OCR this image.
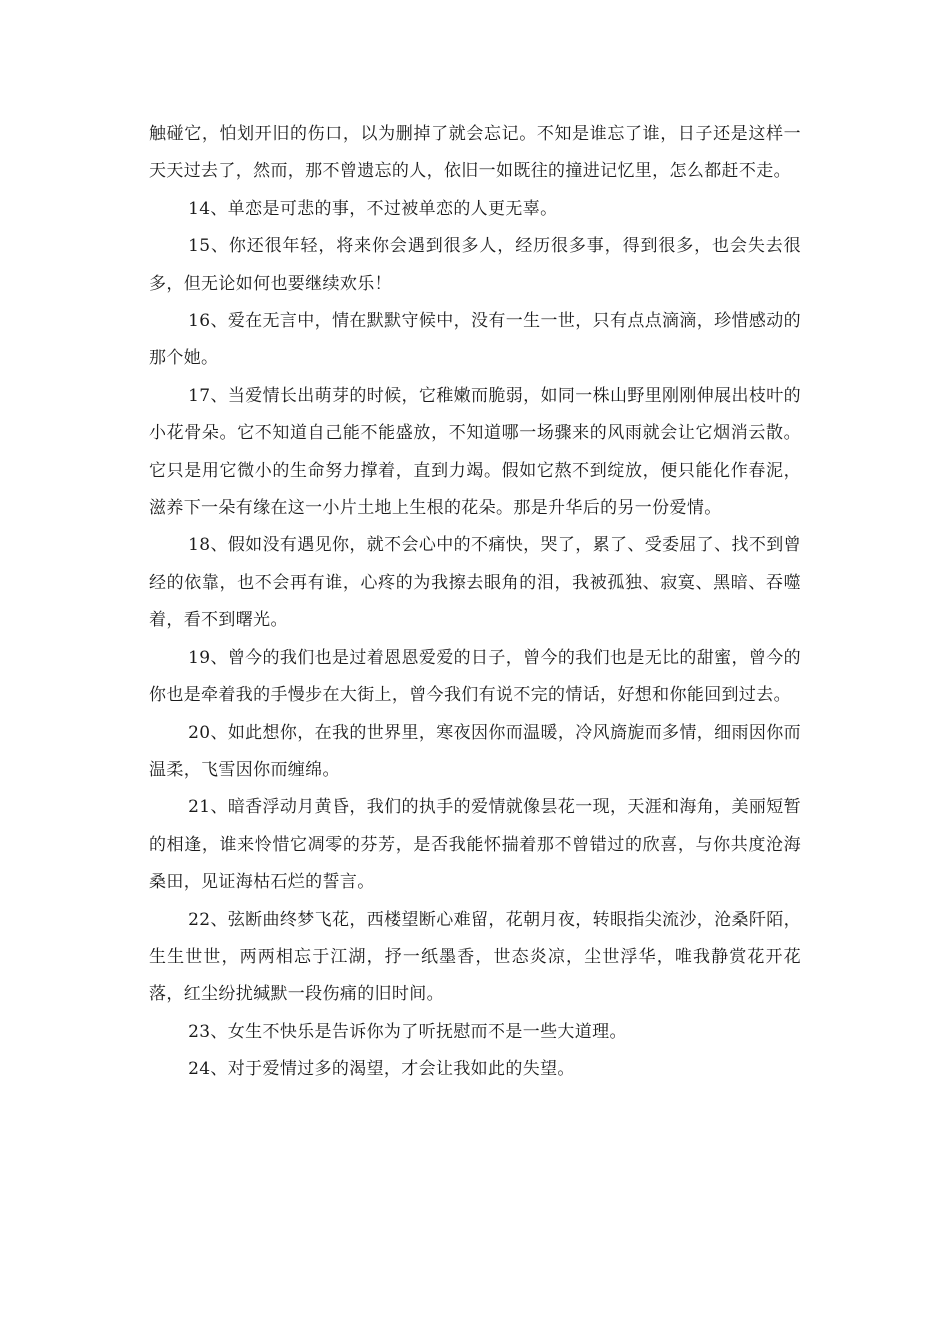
触碰它，怕划开旧的伤口，以为删掉了就会忘记。不知是谁忘了谁，日子还是这样一天天过去了，然而，那不曾遗忘的人，依旧一如既往的撞进记忆里，怎么都赶不走。

14、单恋是可悲的事，不过被单恋的人更无辜。

15、你还很年轻，将来你会遇到很多人，经历很多事，得到很多，也会失去很多，但无论如何也要继续欢乐！

16、爱在无言中，情在默默守候中，没有一生一世，只有点点滴滴，珍惜感动的那个她。

17、当爱情长出萌芽的时候，它稚嫩而脆弱，如同一株山野里刚刚伸展出枝叶的小花骨朵。它不知道自己能不能盛放，不知道哪一场骤来的风雨就会让它烟消云散。它只是用它微小的生命努力撑着，直到力竭。假如它熬不到绽放，便只能化作春泥，滋养下一朵有缘在这一小片土地上生根的花朵。那是升华后的另一份爱情。

18、假如没有遇见你，就不会心中的不痛快，哭了，累了、受委屈了、找不到曾经的依靠，也不会再有谁，心疼的为我擦去眼角的泪，我被孤独、寂寞、黑暗、吞噬着，看不到曙光。

19、曾今的我们也是过着恩恩爱爱的日子，曾今的我们也是无比的甜蜜，曾今的你也是牵着我的手慢步在大街上，曾今我们有说不完的情话，好想和你能回到过去。

20、如此想你，在我的世界里，寒夜因你而温暖，冷风旖旎而多情，细雨因你而温柔，飞雪因你而缠绵。

21、暗香浮动月黄昏，我们的执手的爱情就像昙花一现，天涯和海角，美丽短暂的相逢，谁来怜惜它凋零的芬芳，是否我能怀揣着那不曾错过的欣喜，与你共度沧海桑田，见证海枯石烂的誓言。

22、弦断曲终梦飞花，西楼望断心难留，花朝月夜，转眼指尖流沙，沧桑阡陌，生生世世，两两相忘于江湖，抒一纸墨香，世态炎凉，尘世浮华，唯我静赏花开花落，红尘纷扰缄默一段伤痛的旧时间。

23、女生不快乐是告诉你为了听抚慰而不是一些大道理。

24、对于爱情过多的渴望，才会让我如此的失望。
